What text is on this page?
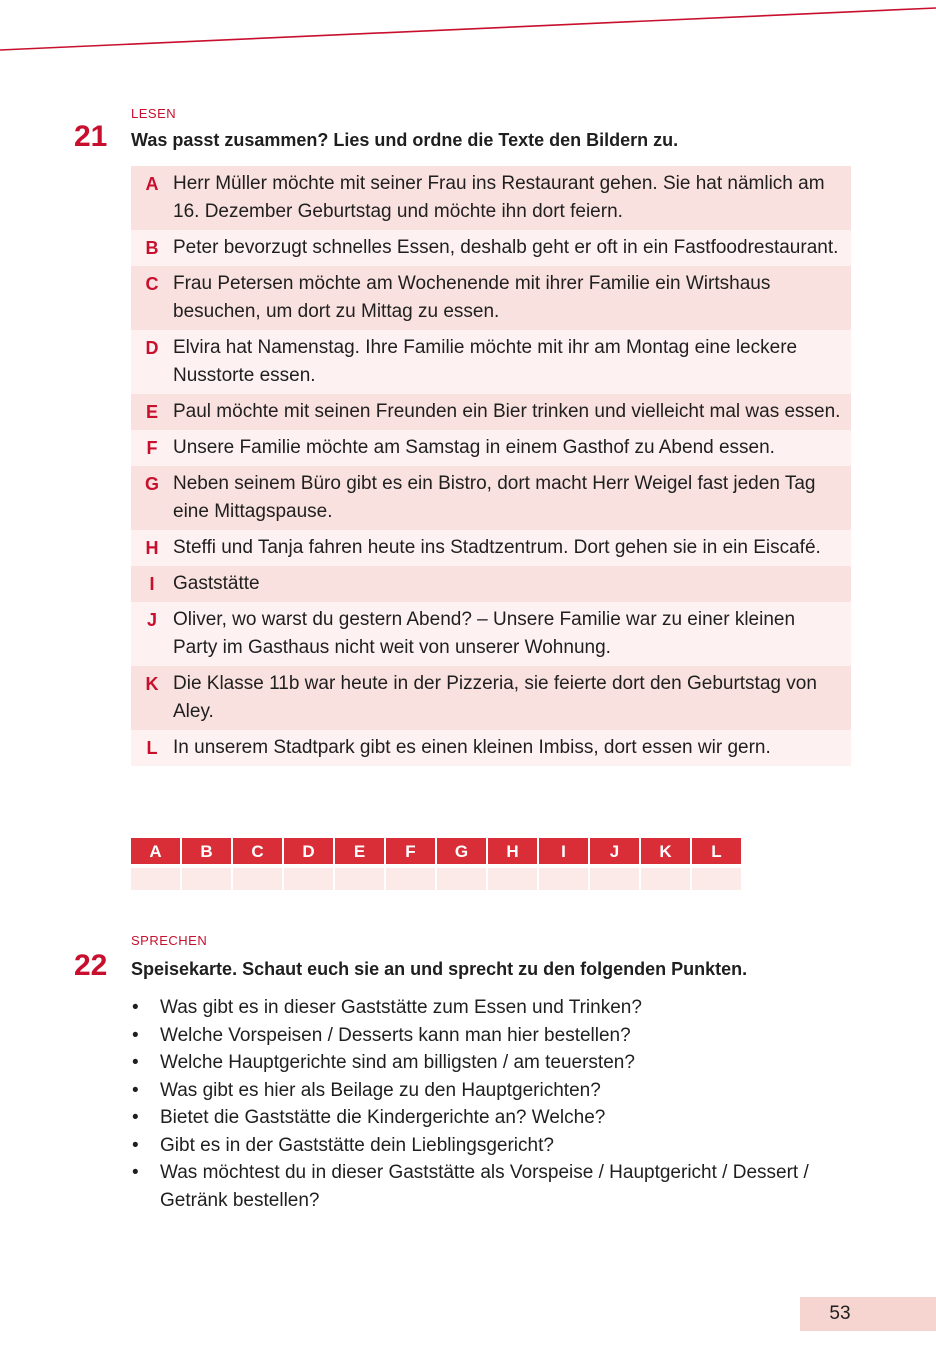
LESEN
21 Was passt zusammen? Lies und ordne die Texte den Bildern zu.
A Herr Müller möchte mit seiner Frau ins Restaurant gehen. Sie hat nämlich am 16. Dezember Geburtstag und möchte ihn dort feiern.
B Peter bevorzugt schnelles Essen, deshalb geht er oft in ein Fastfoodrestaurant.
C Frau Petersen möchte am Wochenende mit ihrer Familie ein Wirtshaus besuchen, um dort zu Mittag zu essen.
D Elvira hat Namenstag. Ihre Familie möchte mit ihr am Montag eine leckere Nusstorte essen.
E Paul möchte mit seinen Freunden ein Bier trinken und vielleicht mal was essen.
F Unsere Familie möchte am Samstag in einem Gasthof zu Abend essen.
G Neben seinem Büro gibt es ein Bistro, dort macht Herr Weigel fast jeden Tag eine Mittagspause.
H Steffi und Tanja fahren heute ins Stadtzentrum. Dort gehen sie in ein Eiscafé.
I Gaststätte
J Oliver, wo warst du gestern Abend? – Unsere Familie war zu einer kleinen Party im Gasthaus nicht weit von unserer Wohnung.
K Die Klasse 11b war heute in der Pizzeria, sie feierte dort den Geburtstag von Aley.
L In unserem Stadtpark gibt es einen kleinen Imbiss, dort essen wir gern.
A	B	C	D	E	F	G	H	I	J	K	L
SPRECHEN
22 Speisekarte. Schaut euch sie an und sprecht zu den folgenden Punkten.
•	Was gibt es in dieser Gaststätte zum Essen und Trinken?
•	Welche Vorspeisen / Desserts kann man hier bestellen?
•	Welche Hauptgerichte sind am billigsten / am teuersten?
•	Was gibt es hier als Beilage zu den Hauptgerichten?
•	Bietet die Gaststätte die Kindergerichte an? Welche?
•	Gibt es in der Gaststätte dein Lieblingsgericht?
•	Was möchtest du in dieser Gaststätte als Vorspeise / Hauptgericht / Dessert / Getränk bestellen?
53
